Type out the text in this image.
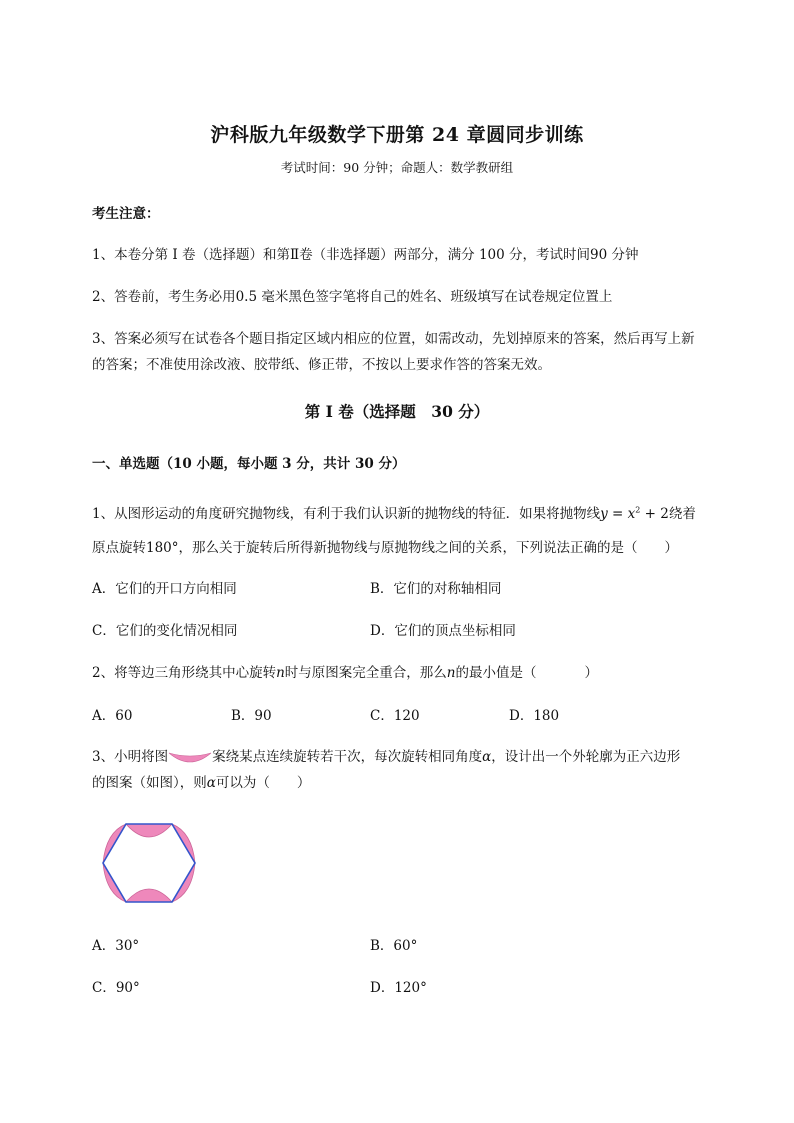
沪科版九年级数学下册第 24 章圆同步训练
考试时间：90 分钟；命题人：数学教研组
考生注意：
1、本卷分第 I 卷（选择题）和第Ⅱ卷（非选择题）两部分，满分 100 分，考试时间90 分钟
2、答卷前，考生务必用0.5 毫米黑色签字笔将自己的姓名、班级填写在试卷规定位置上
3、答案必须写在试卷各个题目指定区域内相应的位置，如需改动，先划掉原来的答案，然后再写上新
的答案；不准使用涂改液、胶带纸、修正带，不按以上要求作答的答案无效。
第 I 卷（选择题　30 分）
一、单选题（10 小题，每小题 3 分，共计 30 分）
1、从图形运动的角度研究抛物线，有利于我们认识新的抛物线的特征．如果将抛物线$y = x^2 + 2$绕着
原点旋转180°，那么关于旋转后所得新抛物线与原抛物线之间的关系，下列说法正确的是（　　）
A．它们的开口方向相同	B．它们的对称轴相同
C．它们的变化情况相同	D．它们的顶点坐标相同
2、将等边三角形绕其中心旋转n时与原图案完全重合，那么n的最小值是（	）
A．60	B．90	C．120	D．180
3、小明将图	案绕某点连续旋转若干次，每次旋转相同角度α，设计出一个外轮廓为正六边形
的图案（如图），则α可以为（　　）
A．30°	B．60°
C．90°	D．120°
